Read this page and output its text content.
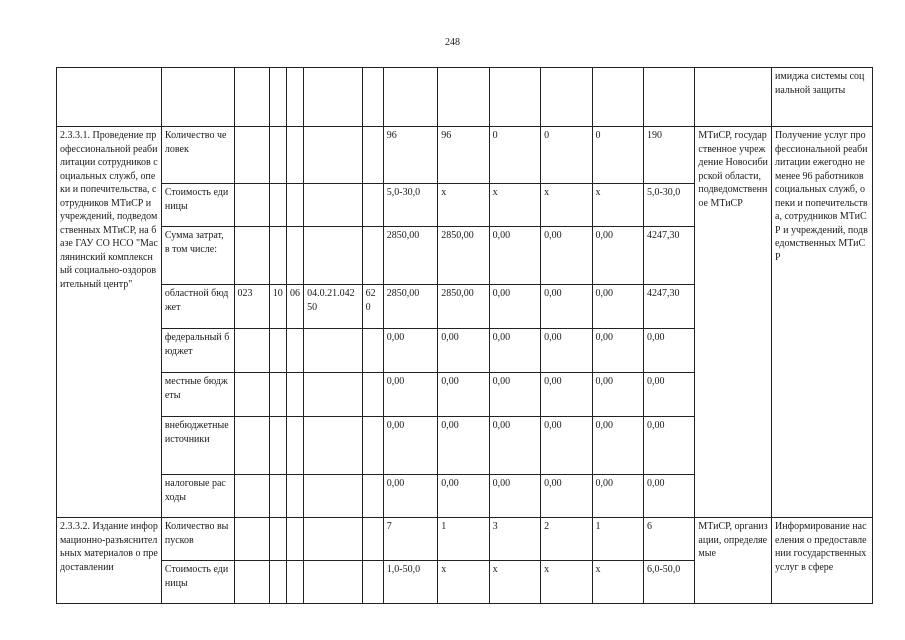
248
														имиджа системы социальной защиты
2.3.3.1. Проведение профессиональной реабилитации сотрудников социальных служб, опеки и попечительства, сотрудников МТиСР и учреждений, подведомственных МТиСР, на базе ГАУ СО НСО "Маслянинский комплексный социально-оздоровительный центр"	Количество человек						96	96	0	0	0	190	МТиСР, государственное учреждение Новосибирской области, подведомственное МТиСР	Получение услуг профессиональной реабилитации ежегодно не менее 96 работников социальных служб, опеки и попечительства, сотрудников МТиСР и учреждений, подведомственных МТиСР
	Стоимость единицы						5,0-30,0	x	x	x	x	5,0-30,0		
	Сумма затрат, в том числе:						2850,00	2850,00	0,00	0,00	0,00	4247,30		
	областной бюджет	023	10	06	04.0.21.04250	620	2850,00	2850,00	0,00	0,00	0,00	4247,30		
	федеральный бюджет						0,00	0,00	0,00	0,00	0,00	0,00		
	местные бюджеты						0,00	0,00	0,00	0,00	0,00	0,00		
	внебюджетные источники						0,00	0,00	0,00	0,00	0,00	0,00		
	налоговые расходы						0,00	0,00	0,00	0,00	0,00	0,00		
2.3.3.2. Издание информационно-разъяснительных материалов о предоставлении	Количество выпусков						7	1	3	2	1	6	МТиСР, организации, определяемые	Информирование населения о предоставлении государственных услуг в сфере
	Стоимость единицы						1,0-50,0	x	x	x	x	6,0-50,0		
